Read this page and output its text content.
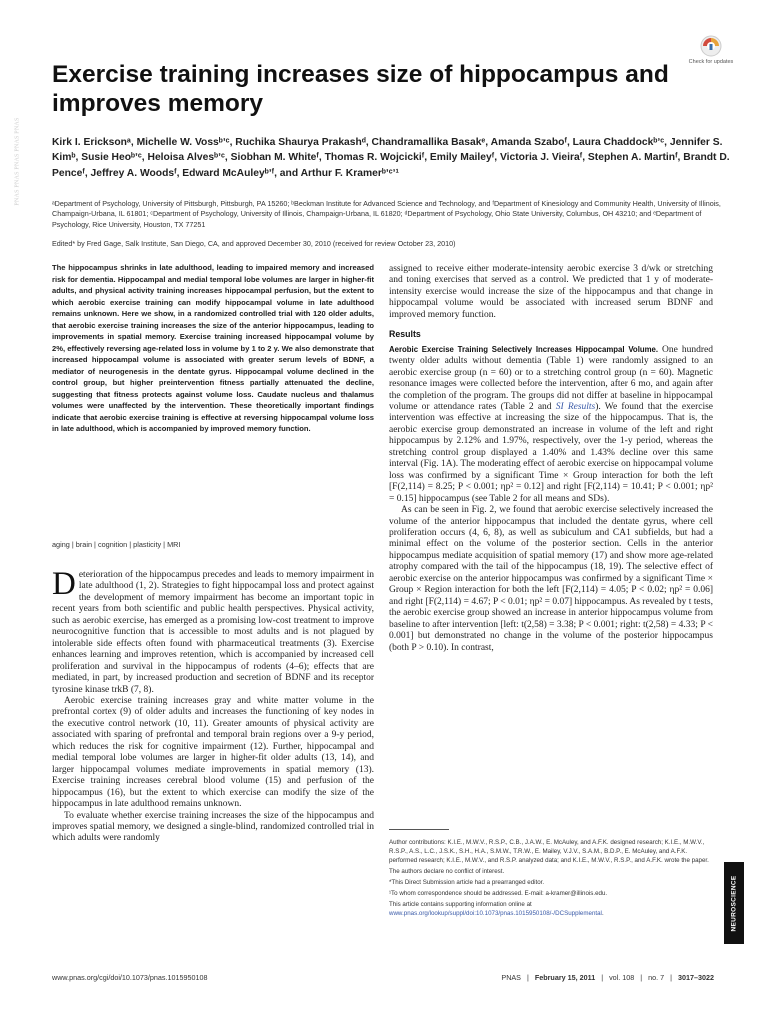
PNAS PNAS PNAS PNAS PNAS
Check for updates
Exercise training increases size of hippocampus and improves memory
Kirk I. Ericksonᵃ, Michelle W. Vossᵇʼᶜ, Ruchika Shaurya Prakashᵈ, Chandramallika Basakᵉ, Amanda Szaboᶠ, Laura Chaddockᵇʼᶜ, Jennifer S. Kimᵇ, Susie Heoᵇʼᶜ, Heloisa Alvesᵇʼᶜ, Siobhan M. Whiteᶠ, Thomas R. Wojcickiᶠ, Emily Maileyᶠ, Victoria J. Vieiraᶠ, Stephen A. Martinᶠ, Brandt D. Penceᶠ, Jeffrey A. Woodsᶠ, Edward McAuleyᵇʼᶠ, and Arthur F. Kramerᵇʼᶜʼ¹
ᵃDepartment of Psychology, University of Pittsburgh, Pittsburgh, PA 15260; ᵇBeckman Institute for Advanced Science and Technology, and ᶠDepartment of Kinesiology and Community Health, University of Illinois, Champaign-Urbana, IL 61801; ᶜDepartment of Psychology, University of Illinois, Champaign-Urbana, IL 61820; ᵈDepartment of Psychology, Ohio State University, Columbus, OH 43210; and ᵉDepartment of Psychology, Rice University, Houston, TX 77251
Edited* by Fred Gage, Salk Institute, San Diego, CA, and approved December 30, 2010 (received for review October 23, 2010)
The hippocampus shrinks in late adulthood, leading to impaired memory and increased risk for dementia. Hippocampal and medial temporal lobe volumes are larger in higher-fit adults, and physical activity training increases hippocampal perfusion, but the extent to which aerobic exercise training can modify hippocampal volume in late adulthood remains unknown. Here we show, in a randomized controlled trial with 120 older adults, that aerobic exercise training increases the size of the anterior hippocampus, leading to improvements in spatial memory. Exercise training increased hippocampal volume by 2%, effectively reversing age-related loss in volume by 1 to 2 y. We also demonstrate that increased hippocampal volume is associated with greater serum levels of BDNF, a mediator of neurogenesis in the dentate gyrus. Hippocampal volume declined in the control group, but higher preintervention fitness partially attenuated the decline, suggesting that fitness protects against volume loss. Caudate nucleus and thalamus volumes were unaffected by the intervention. These theoretically important findings indicate that aerobic exercise training is effective at reversing hippocampal volume loss in late adulthood, which is accompanied by improved memory function.
aging | brain | cognition | plasticity | MRI

Deterioration of the hippocampus precedes and leads to memory impairment in late adulthood (1, 2). Strategies to fight hippocampal loss and protect against the development of memory impairment has become an important topic in recent years from both scientific and public health perspectives. Physical activity, such as aerobic exercise, has emerged as a promising low-cost treatment to improve neurocognitive function that is accessible to most adults and is not plagued by intolerable side effects often found with pharmaceutical treatments (3). Exercise enhances learning and improves retention, which is accompanied by increased cell proliferation and survival in the hippocampus of rodents (4–6); effects that are mediated, in part, by increased production and secretion of BDNF and its receptor tyrosine kinase trkB (7, 8).

Aerobic exercise training increases gray and white matter volume in the prefrontal cortex (9) of older adults and increases the functioning of key nodes in the executive control network (10, 11). Greater amounts of physical activity are associated with sparing of prefrontal and temporal brain regions over a 9-y period, which reduces the risk for cognitive impairment (12). Further, hippocampal and medial temporal lobe volumes are larger in higher-fit older adults (13, 14), and larger hippocampal volumes mediate improvements in spatial memory (13). Exercise training increases cerebral blood volume (15) and perfusion of the hippocampus (16), but the extent to which exercise can modify the size of the hippocampus in late adulthood remains unknown.

To evaluate whether exercise training increases the size of the hippocampus and improves spatial memory, we designed a single-blind, randomized controlled trial in which adults were randomly

assigned to receive either moderate-intensity aerobic exercise 3 d/wk or stretching and toning exercises that served as a control. We predicted that 1 y of moderate-intensity exercise would increase the size of the hippocampus and that change in hippocampal volume would be associated with increased serum BDNF and improved memory function.

Results

Aerobic Exercise Training Selectively Increases Hippocampal Volume. One hundred twenty older adults without dementia (Table 1) were randomly assigned to an aerobic exercise group (n = 60) or to a stretching control group (n = 60). Magnetic resonance images were collected before the intervention, after 6 mo, and again after the completion of the program. The groups did not differ at baseline in hippocampal volume or attendance rates (Table 2 and SI Results). We found that the exercise intervention was effective at increasing the size of the hippocampus. That is, the aerobic exercise group demonstrated an increase in volume of the left and right hippocampus by 2.12% and 1.97%, respectively, over the 1-y period, whereas the stretching control group displayed a 1.40% and 1.43% decline over this same interval (Fig. 1A). The moderating effect of aerobic exercise on hippocampal volume loss was confirmed by a significant Time × Group interaction for both the left [F(2,114) = 8.25; P < 0.001; ηp² = 0.12] and right [F(2,114) = 10.41; P < 0.001; ηp² = 0.15] hippocampus (see Table 2 for all means and SDs).

As can be seen in Fig. 2, we found that aerobic exercise selectively increased the volume of the anterior hippocampus that included the dentate gyrus, where cell proliferation occurs (4, 6, 8), as well as subiculum and CA1 subfields, but had a minimal effect on the volume of the posterior section. Cells in the anterior hippocampus mediate acquisition of spatial memory (17) and show more age-related atrophy compared with the tail of the hippocampus (18, 19). The selective effect of aerobic exercise on the anterior hippocampus was confirmed by a significant Time × Group × Region interaction for both the left [F(2,114) = 4.05; P < 0.02; ηp² = 0.06] and right [F(2,114) = 4.67; P < 0.01; ηp² = 0.07] hippocampus. As revealed by t tests, the aerobic exercise group showed an increase in anterior hippocampus volume from baseline to after intervention [left: t(2,58) = 3.38; P < 0.001; right: t(2,58) = 4.33; P < 0.001] but demonstrated no change in the volume of the posterior hippocampus (both P > 0.10). In contrast,

Author contributions: K.I.E., M.W.V., R.S.P., C.B., J.A.W., E. McAuley, and A.F.K. designed research; K.I.E., M.W.V., R.S.P., A.S., L.C., J.S.K., S.H., H.A., S.M.W., T.R.W., E. Mailey, V.J.V., S.A.M., B.D.P., E. McAuley, and A.F.K. performed research; K.I.E., M.W.V., and R.S.P. analyzed data; and K.I.E., M.W.V., R.S.P., and A.F.K. wrote the paper.

The authors declare no conflict of interest.

*This Direct Submission article had a prearranged editor.

¹To whom correspondence should be addressed. E-mail: a-kramer@illinois.edu.

This article contains supporting information online at www.pnas.org/lookup/suppl/doi:10.1073/pnas.1015950108/-/DCSupplemental.	NEUROSCIENCE
www.pnas.org/cgi/doi/10.1073/pnas.1015950108	PNAS | February 15, 2011 | vol. 108 | no. 7 | 3017–3022
